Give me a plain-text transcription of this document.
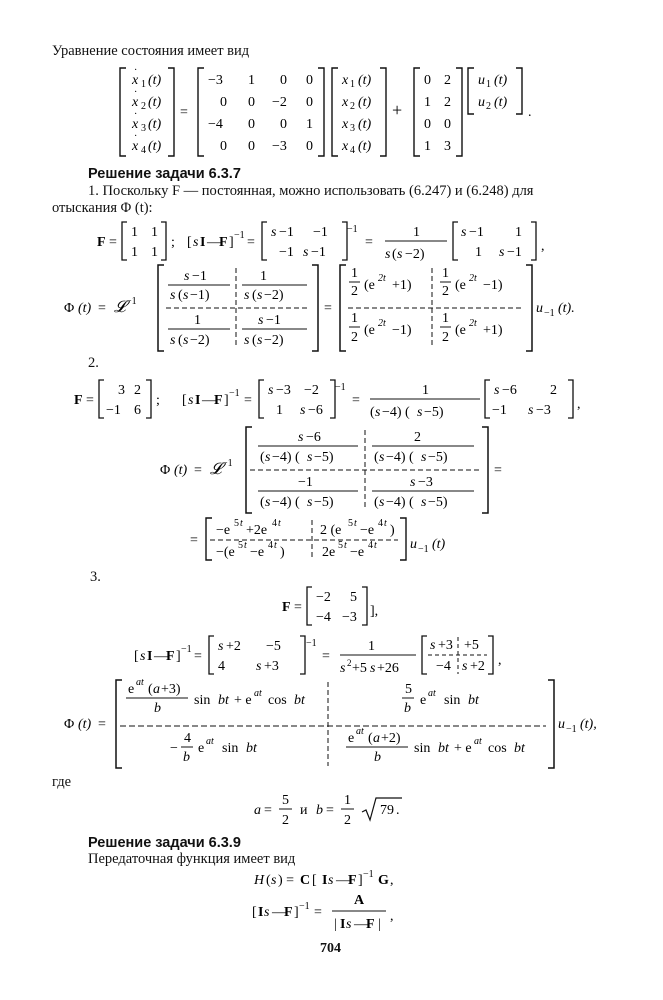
Уравнение состояния имеет вид
x 1 (t)
x 2 (t)
x 3 (t)
x 4 (t)
·
·
·
·
=
−3 1 0 0
0 0 −2 0
−4 0 0 1
0 0 −3 0
x 1 (t)
x 2 (t)
x 3 (t)
x 4 (t)
+
0 2
1 2
0 0
1 3
u 1 (t)
u 2 (t)
.
Решение задачи 6.3.7
1. Поскольку F — постоянная, можно использовать (6.247) и (6.248) для
отыскания Φ (t):
F =
1 1
1 1
; [ s I —
F ] −1 =
s −1 −1
−1 s −1
−1
=
1
s ( s −2)
s −1 1
1 s −1 ,
Φ (t) = 𝓛 −1
s −1
s ( s −1)
1
s ( s −2)
1
s ( s −2)
s −1
s ( s −2)
=
1
2 (e 2t +1)
1
2 (e 2t −1)
1
2 (e 2t −1)
1
2 (e 2t +1)
u −1 (t).
2.
F =
3 2
−1 6
; [ s I —
F ] −1 =
s −3 −2
1 s −6
−1
=
1
( s −4) ( s −5)
s −6 2
−1 s −3 ,
Φ (t) = 𝓛 −1
s −6
( s −4) ( s −5)
2
( s −4) ( s −5)
−1
( s −4) ( s −5)
s −3
( s −4) ( s −5)
=
=
−e 5 t +2e 4 t	2 (e 5 t −e 4 t )
−(e 5 t −e 4 t )	2e 5 t −e 4 t u −1 (t)
3.
F =
−2 5
−4 −3 ],
[ s I —
F ] −1 =
s +2 −5
4 s +3
−1
=
1
s 2 +5 s +26
s +3 +5
−4 s +2 ,
Φ (t) =
e at ( a +3)
b
sin bt + e at cos bt
5
b
e at sin bt
−
4
b
e at sin bt
e at ( a +2)
b
sin bt + e at cos bt
u −1 (t),
где
a =
5
2
и b =
1
2
79 .
Решение задачи 6.3.9
Передаточная функция имеет вид
H ( s ) = C [ I s —
F ] −1 G ,
[ I s —
F ] −1 =
A
| I s —
F |
,
704
